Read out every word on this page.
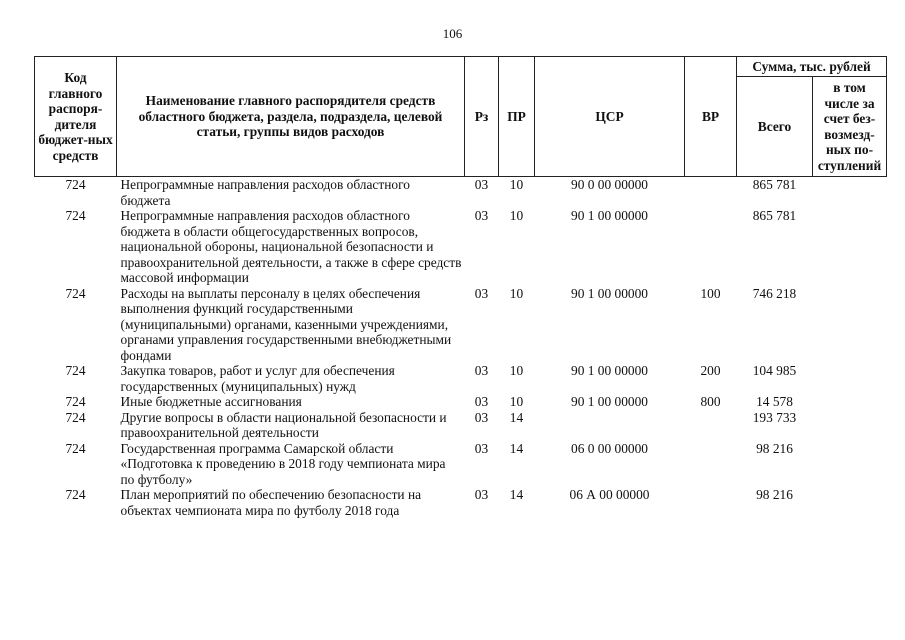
106
Код главного распоря-дителя бюджет-ных средств	Наименование главного распорядителя средств областного бюджета, раздела, подраздела, целевой статьи, группы видов расходов	Рз	ПР	ЦСР	ВР	Сумма, тыс. рублей	
						Всего	в том числе за счет без-возмезд-ных по-ступлений
724	Непрограммные направления расходов областного бюджета	03	10	90 0 00 00000		865 781	
724	Непрограммные направления расходов областного бюджета в области общегосударственных вопросов, национальной обороны, национальной безопасности и правоохранительной деятельности, а также в сфере средств массовой информации	03	10	90 1 00 00000		865 781	
724	Расходы на выплаты персоналу в целях обеспечения выполнения функций государственными (муниципальными) органами, казенными учреждениями, органами управления государственными внебюджетными фондами	03	10	90 1 00 00000	100	746 218	
724	Закупка товаров, работ и услуг для обеспечения государственных (муниципальных) нужд	03	10	90 1 00 00000	200	104 985	
724	Иные бюджетные ассигнования	03	10	90 1 00 00000	800	14 578	
724	Другие вопросы в области национальной безопасности и правоохранительной деятельности	03	14			193 733	
724	Государственная программа Самарской области «Подготовка к проведению в 2018 году чемпионата мира по футболу»	03	14	06 0 00 00000		98 216	
724	План мероприятий по обеспечению безопасности на объектах чемпионата мира по футболу 2018 года	03	14	06 А 00 00000		98 216	
